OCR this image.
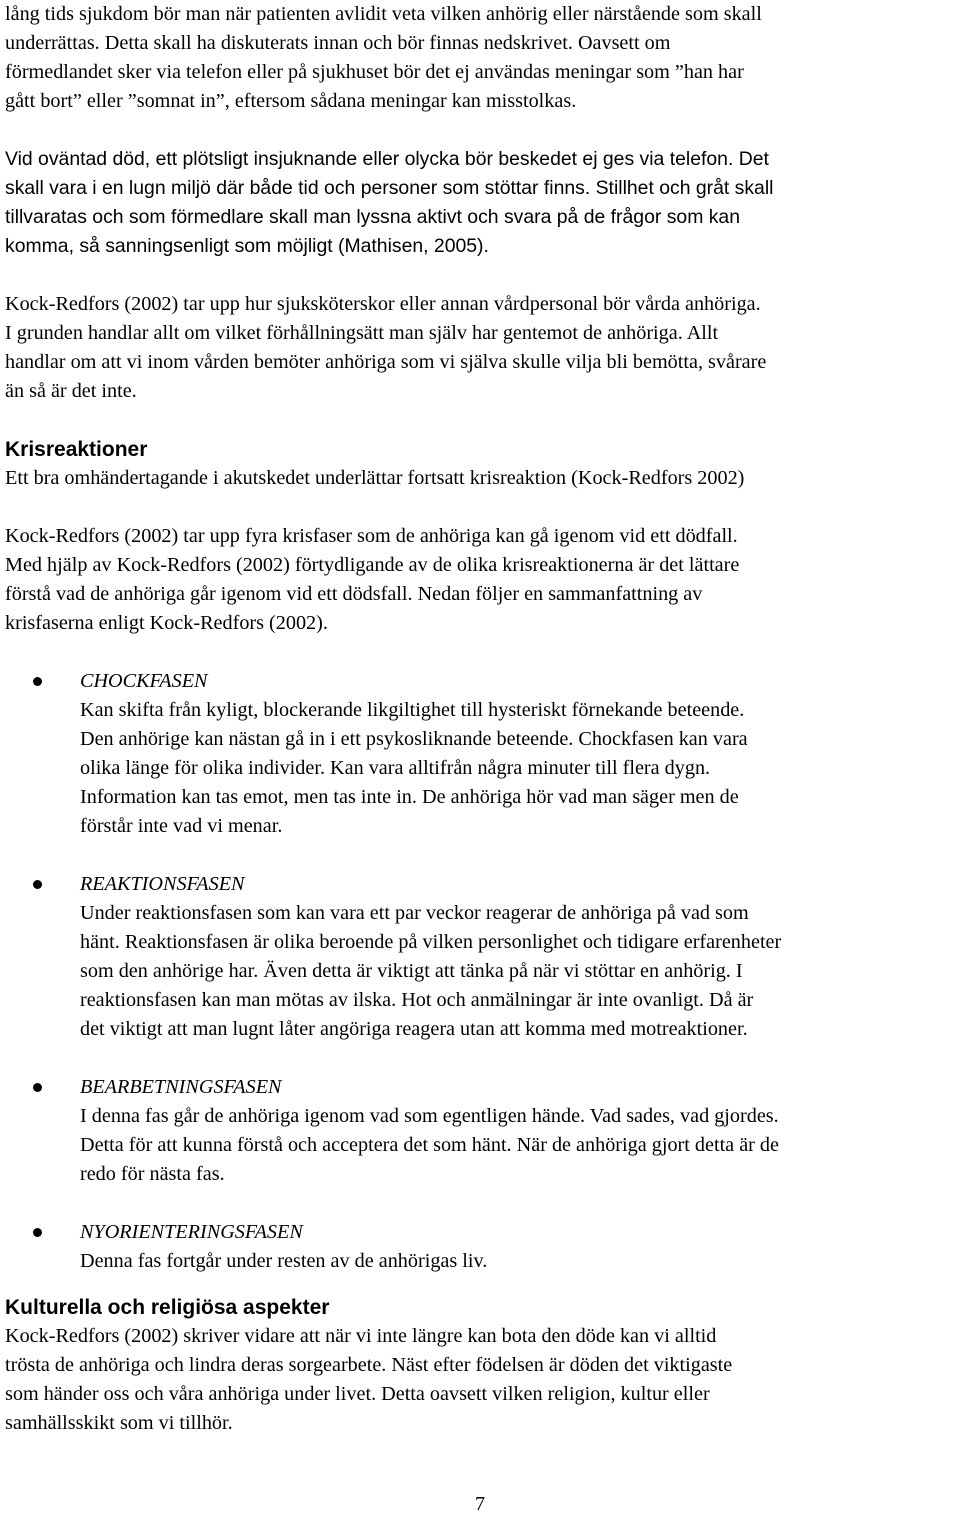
lång tids sjukdom bör man när patienten avlidit veta vilken anhörig eller närstående som skall

underrättas. Detta skall ha diskuterats innan och bör finnas nedskrivet. Oavsett om

förmedlandet sker via telefon eller på sjukhuset bör det ej användas meningar som ”han har

gått bort” eller ”somnat in”, eftersom sådana meningar kan misstolkas.

Vid oväntad död, ett plötsligt insjuknande eller olycka bör beskedet ej ges via telefon. Det

skall vara i en lugn miljö där både tid och personer som stöttar finns. Stillhet och gråt skall

tillvaratas och som förmedlare skall man lyssna aktivt och svara på de frågor som kan

komma, så sanningsenligt som möjligt (Mathisen, 2005).

Kock-Redfors (2002) tar upp hur sjuksköterskor eller annan vårdpersonal bör vårda anhöriga.

I grunden handlar allt om vilket förhållningsätt man själv har gentemot de anhöriga. Allt

handlar om att vi inom vården bemöter anhöriga som vi själva skulle vilja bli bemötta, svårare

än så är det inte.

Krisreaktioner

Ett bra omhändertagande i akutskedet underlättar fortsatt krisreaktion (Kock-Redfors 2002)

Kock-Redfors (2002) tar upp fyra krisfaser som de anhöriga kan gå igenom vid ett dödfall.

Med hjälp av Kock-Redfors (2002) förtydligande av de olika krisreaktionerna är det lättare

förstå vad de anhöriga går igenom vid ett dödsfall. Nedan följer en sammanfattning av

krisfaserna enligt Kock-Redfors (2002).

CHOCKFASEN

Kan skifta från kyligt, blockerande likgiltighet till hysteriskt förnekande beteende.

Den anhörige kan nästan gå in i ett psykosliknande beteende. Chockfasen kan vara

olika länge för olika individer. Kan vara alltifrån några minuter till flera dygn.

Information kan tas emot, men tas inte in. De anhöriga hör vad man säger men de

förstår inte vad vi menar.

REAKTIONSFASEN

Under reaktionsfasen som kan vara ett par veckor reagerar de anhöriga på vad som

hänt. Reaktionsfasen är olika beroende på vilken personlighet och tidigare erfarenheter

som den anhörige har. Även detta är viktigt att tänka på när vi stöttar en anhörig. I

reaktionsfasen kan man mötas av ilska. Hot och anmälningar är inte ovanligt. Då är

det viktigt att man lugnt låter angöriga reagera utan att komma med motreaktioner.

BEARBETNINGSFASEN

I denna fas går de anhöriga igenom vad som egentligen hände. Vad sades, vad gjordes.

Detta för att kunna förstå och acceptera det som hänt. När de anhöriga gjort detta är de

redo för nästa fas.

NYORIENTERINGSFASEN

Denna fas fortgår under resten av de anhörigas liv.

Kulturella och religiösa aspekter

Kock-Redfors (2002) skriver vidare att när vi inte längre kan bota den döde kan vi alltid

trösta de anhöriga och lindra deras sorgearbete. Näst efter födelsen är döden det viktigaste

som händer oss och våra anhöriga under livet. Detta oavsett vilken religion, kultur eller

samhällsskikt som vi tillhör.

7
